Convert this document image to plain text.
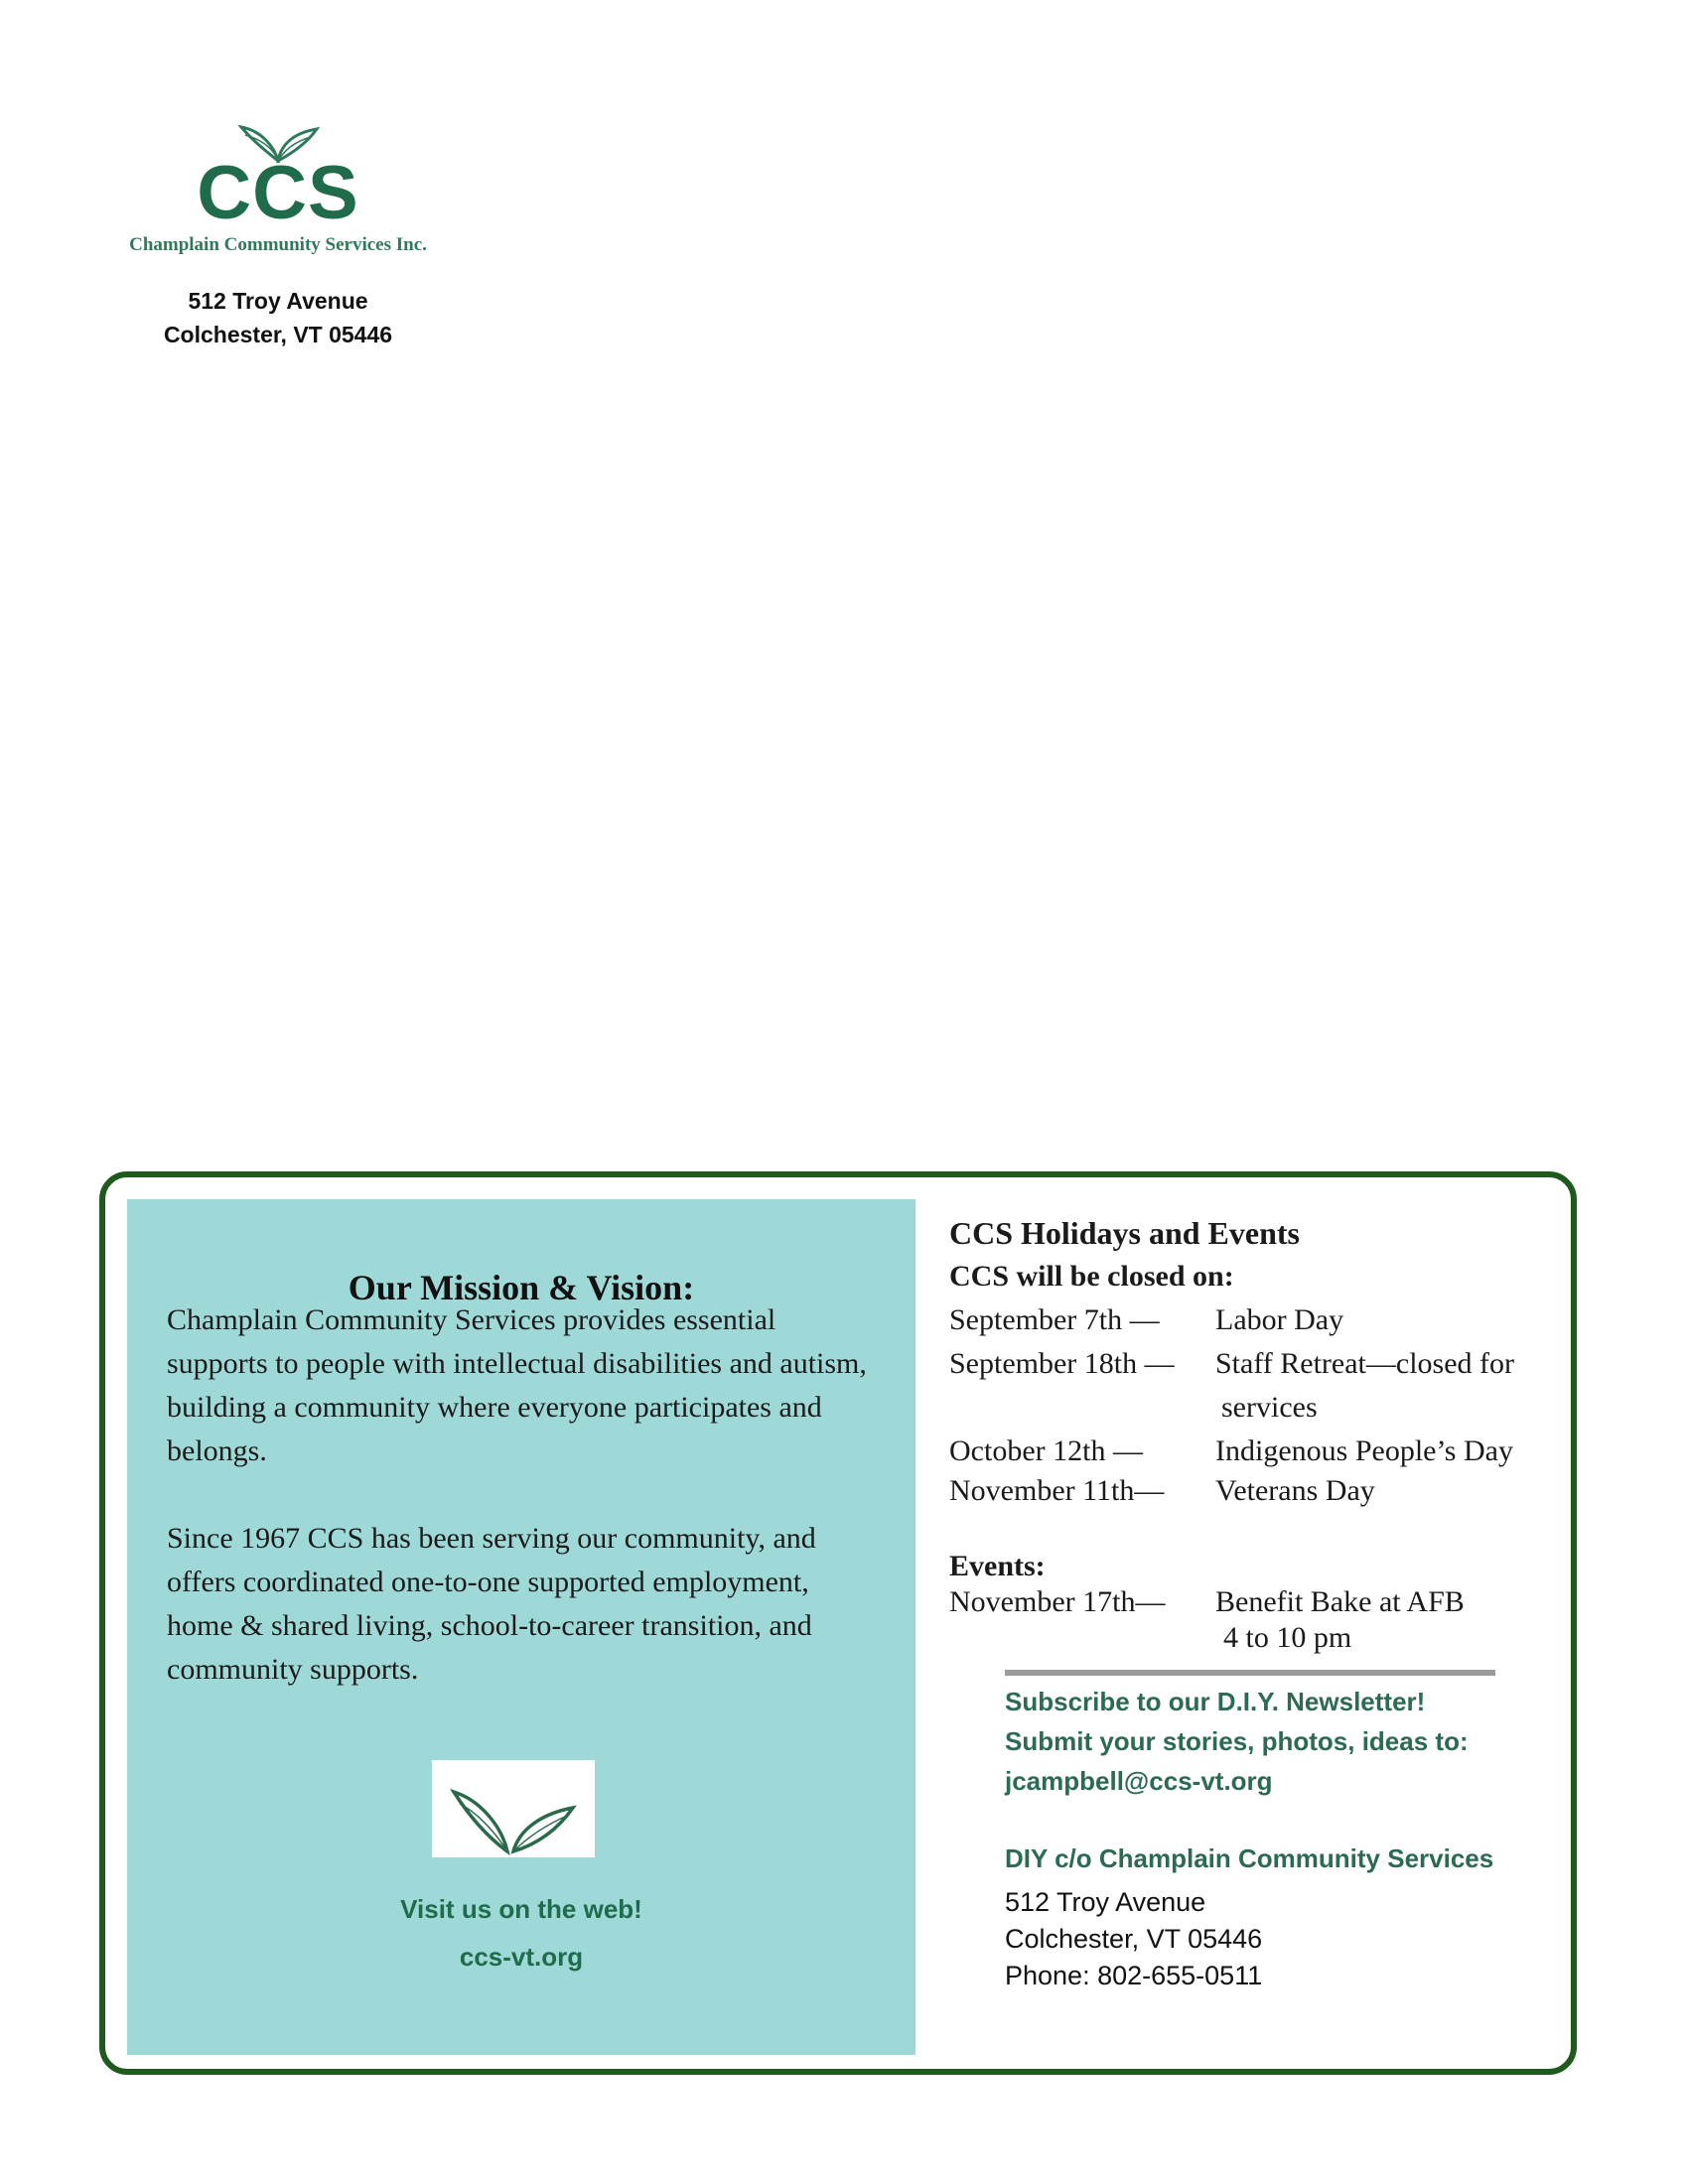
CCS
Champlain Community Services Inc.
512 Troy Avenue
Colchester, VT 05446
Our Mission & Vision:

Champlain Community Services provides essential supports to people with intellectual disabilities and autism, building a community where everyone participates and belongs.

Since 1967 CCS has been serving our community, and offers coordinated one-to-one supported employment, home & shared living, school-to-career transition, and community supports.

Visit us on the web!
ccs-vt.org
CCS Holidays and Events
CCS will be closed on:
September 7th — Labor Day
September 18th — Staff Retreat—closed for
services
October 12th — Indigenous People’s Day
November 11th— Veterans Day
Events:
November 17th— Benefit Bake at AFB
4 to 10 pm
Subscribe to our D.I.Y. Newsletter!
Submit your stories, photos, ideas to:
jcampbell@ccs-vt.org
DIY c/o Champlain Community Services
512 Troy Avenue
Colchester, VT 05446
Phone: 802-655-0511
